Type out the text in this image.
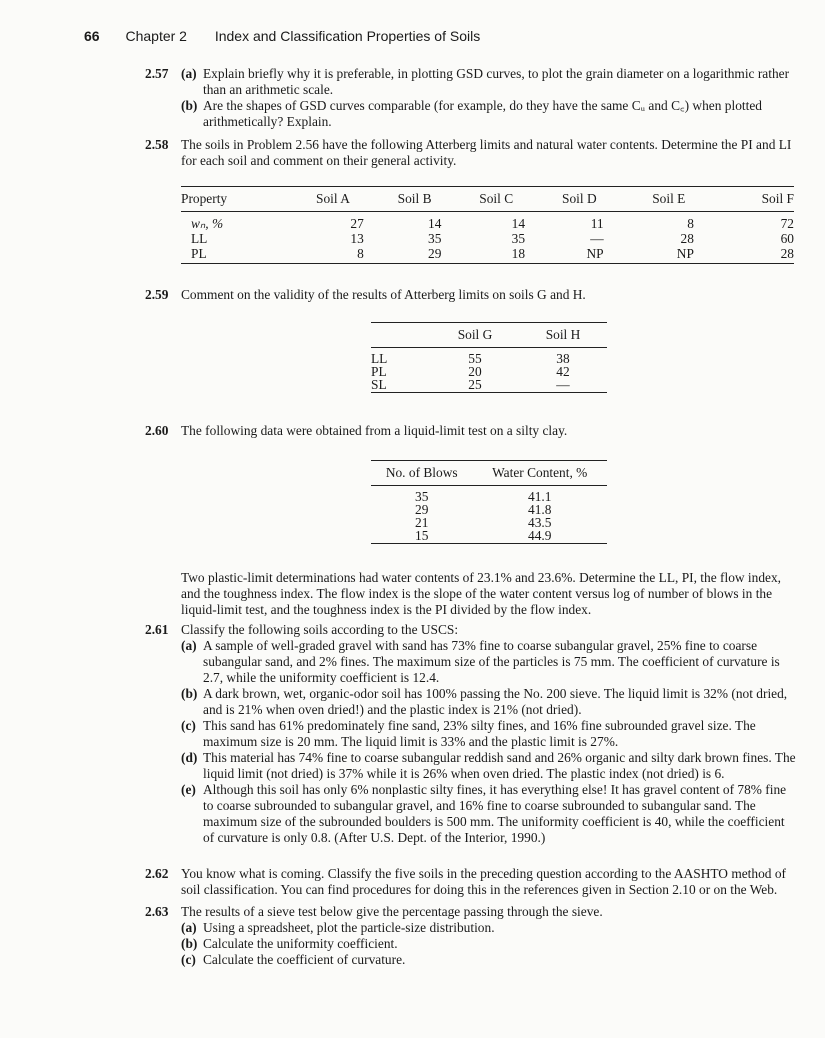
66 Chapter 2 Index and Classification Properties of Soils
2.57 (a) Explain briefly why it is preferable, in plotting GSD curves, to plot the grain diameter on a logarithmic rather than an arithmetic scale.
(b) Are the shapes of GSD curves comparable (for example, do they have the same Cᵤ and C꜀) when plotted arithmetically? Explain.
2.58 The soils in Problem 2.56 have the following Atterberg limits and natural water contents. Determine the PI and LI for each soil and comment on their general activity.
Property	Soil A	Soil B	Soil C	Soil D	Soil E	Soil F
wₙ, %	27	14	14	11	8	72
LL	13	35	35	—	28	60
PL	8	29	18	NP	NP	28
2.59 Comment on the validity of the results of Atterberg limits on soils G and H.
	Soil G	Soil H
LL	55	38
PL	20	42
SL	25	—
2.60 The following data were obtained from a liquid-limit test on a silty clay.
No. of Blows	Water Content, %
35	41.1
29	41.8
21	43.5
15	44.9
Two plastic-limit determinations had water contents of 23.1% and 23.6%. Determine the LL, PI, the flow index, and the toughness index. The flow index is the slope of the water content versus log of number of blows in the liquid-limit test, and the toughness index is the PI divided by the flow index.
2.61 Classify the following soils according to the USCS:
(a) A sample of well-graded gravel with sand has 73% fine to coarse subangular gravel, 25% fine to coarse subangular sand, and 2% fines. The maximum size of the particles is 75 mm. The coefficient of curvature is 2.7, while the uniformity coefficient is 12.4.
(b) A dark brown, wet, organic-odor soil has 100% passing the No. 200 sieve. The liquid limit is 32% (not dried, and is 21% when oven dried!) and the plastic index is 21% (not dried).
(c) This sand has 61% predominately fine sand, 23% silty fines, and 16% fine subrounded gravel size. The maximum size is 20 mm. The liquid limit is 33% and the plastic limit is 27%.
(d) This material has 74% fine to coarse subangular reddish sand and 26% organic and silty dark brown fines. The liquid limit (not dried) is 37% while it is 26% when oven dried. The plastic index (not dried) is 6.
(e) Although this soil has only 6% nonplastic silty fines, it has everything else! It has gravel content of 78% fine to coarse subrounded to subangular gravel, and 16% fine to coarse subrounded to subangular sand. The maximum size of the subrounded boulders is 500 mm. The uniformity coefficient is 40, while the coefficient of curvature is only 0.8. (After U.S. Dept. of the Interior, 1990.)
2.62 You know what is coming. Classify the five soils in the preceding question according to the AASHTO method of soil classification. You can find procedures for doing this in the references given in Section 2.10 or on the Web.
2.63 The results of a sieve test below give the percentage passing through the sieve.
(a) Using a spreadsheet, plot the particle-size distribution.
(b) Calculate the uniformity coefficient.
(c) Calculate the coefficient of curvature.
